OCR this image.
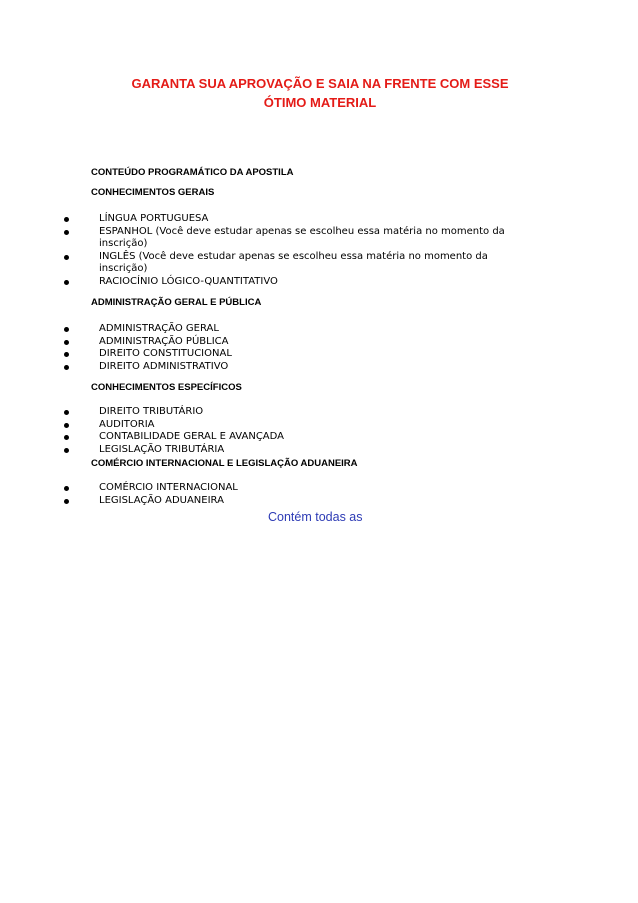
GARANTA SUA APROVAÇÃO E SAIA NA FRENTE COM ESSE
ÓTIMO MATERIAL
CONTEÚDO PROGRAMÁTICO DA APOSTILA
CONHECIMENTOS GERAIS
LÍNGUA PORTUGUESA
ESPANHOL (Você deve estudar apenas se escolheu essa matéria no momento da inscrição)
INGLÊS (Você deve estudar apenas se escolheu essa matéria no momento da inscrição)
RACIOCÍNIO LÓGICO-QUANTITATIVO
ADMINISTRAÇÃO GERAL E PÚBLICA
ADMINISTRAÇÃO GERAL
ADMINISTRAÇÃO PÚBLICA
DIREITO CONSTITUCIONAL
DIREITO ADMINISTRATIVO
CONHECIMENTOS ESPECÍFICOS
DIREITO TRIBUTÁRIO
AUDITORIA
CONTABILIDADE GERAL E AVANÇADA
LEGISLAÇÃO TRIBUTÁRIA
COMÉRCIO INTERNACIONAL E LEGISLAÇÃO ADUANEIRA
COMÉRCIO INTERNACIONAL
LEGISLAÇÃO ADUANEIRA
Contém todas as
